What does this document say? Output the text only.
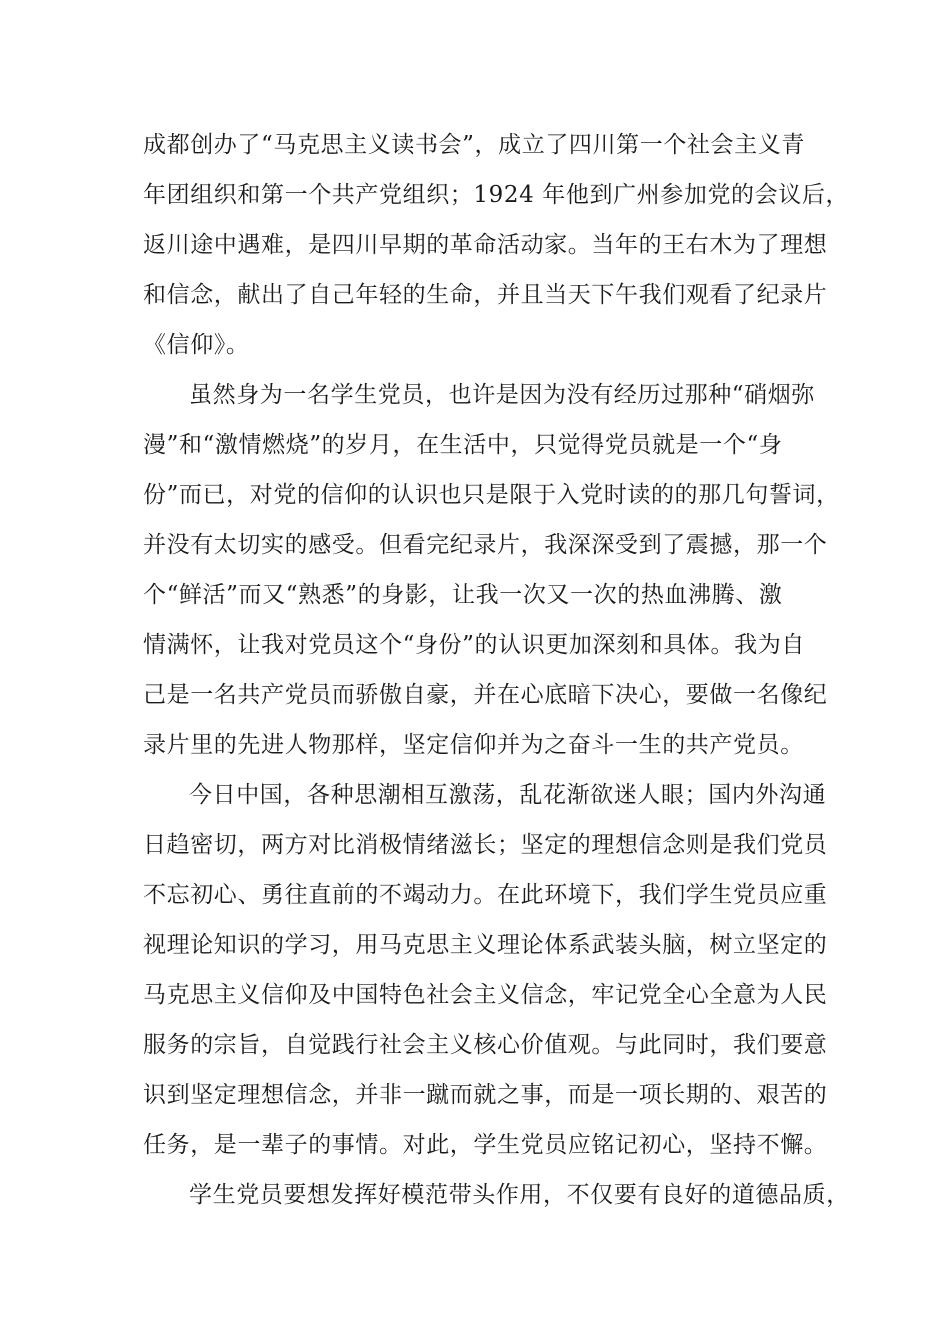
成都创办了“马克思主义读书会”，成立了四川第一个社会主义青
年团组织和第一个共产党组织；1924 年他到广州参加党的会议后，
返川途中遇难，是四川早期的革命活动家。当年的王右木为了理想
和信念，献出了自己年轻的生命，并且当天下午我们观看了纪录片
《信仰》。
虽然身为一名学生党员，也许是因为没有经历过那种“硝烟弥
漫”和“激情燃烧”的岁月，在生活中，只觉得党员就是一个“身
份”而已，对党的信仰的认识也只是限于入党时读的的那几句誓词，
并没有太切实的感受。但看完纪录片，我深深受到了震撼，那一个
个“鲜活”而又“熟悉”的身影，让我一次又一次的热血沸腾、激
情满怀，让我对党员这个“身份”的认识更加深刻和具体。我为自
己是一名共产党员而骄傲自豪，并在心底暗下决心，要做一名像纪
录片里的先进人物那样，坚定信仰并为之奋斗一生的共产党员。
今日中国，各种思潮相互激荡，乱花渐欲迷人眼；国内外沟通
日趋密切，两方对比消极情绪滋长；坚定的理想信念则是我们党员
不忘初心、勇往直前的不竭动力。在此环境下，我们学生党员应重
视理论知识的学习，用马克思主义理论体系武装头脑，树立坚定的
马克思主义信仰及中国特色社会主义信念，牢记党全心全意为人民
服务的宗旨，自觉践行社会主义核心价值观。与此同时，我们要意
识到坚定理想信念，并非一蹴而就之事，而是一项长期的、艰苦的
任务，是一辈子的事情。对此，学生党员应铭记初心，坚持不懈。
学生党员要想发挥好模范带头作用，不仅要有良好的道德品质，
